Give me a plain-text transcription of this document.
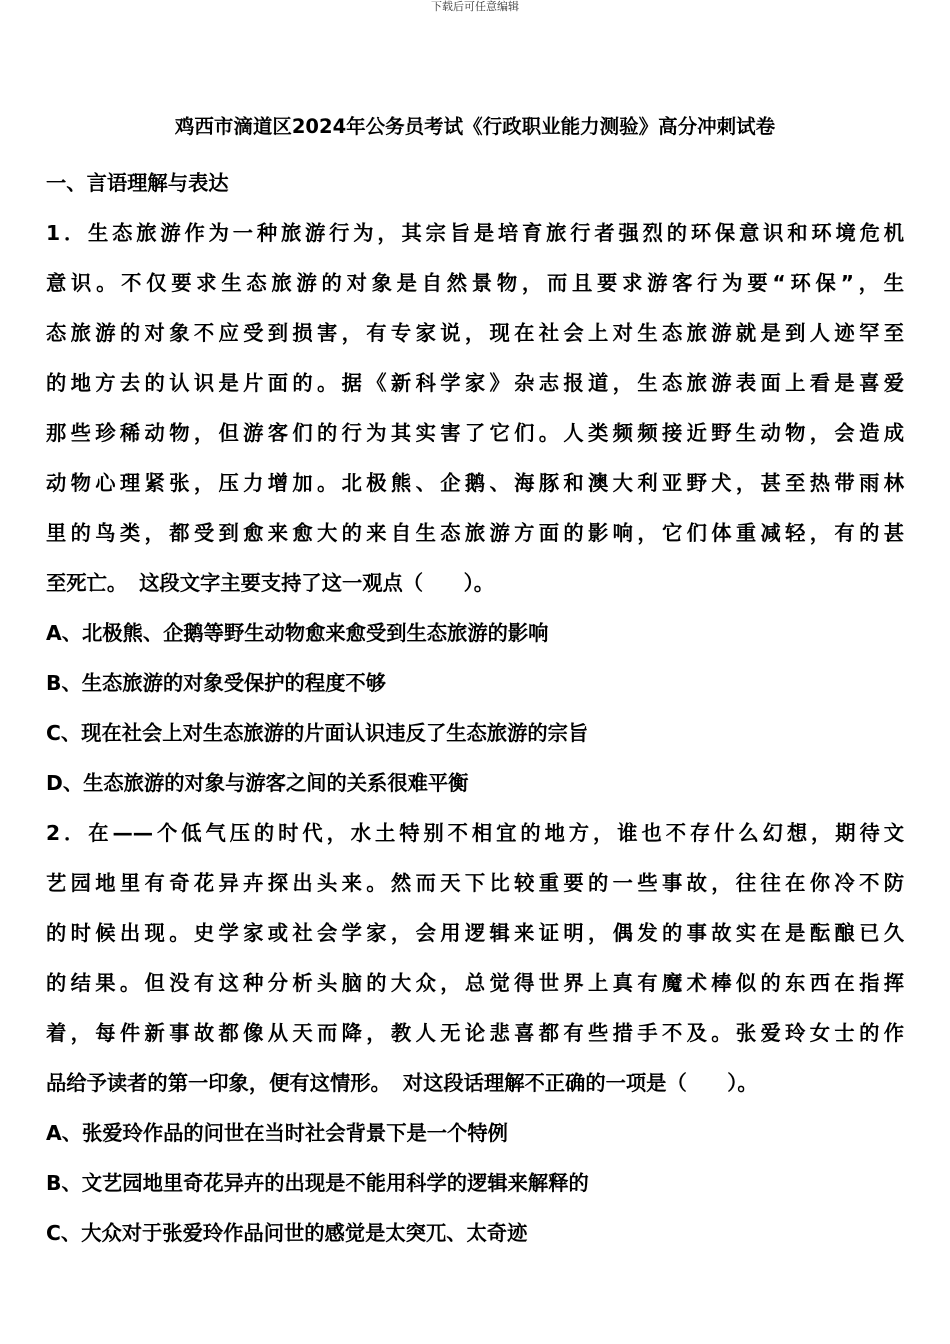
下载后可任意编辑
鸡西市滴道区2024年公务员考试《行政职业能力测验》高分冲刺试卷
一、言语理解与表达
1．生态旅游作为一种旅游行为，其宗旨是培育旅行者强烈的环保意识和环境危机
意识。不仅要求生态旅游的对象是自然景物，而且要求游客行为要“环保”，生
态旅游的对象不应受到损害，有专家说，现在社会上对生态旅游就是到人迹罕至
的地方去的认识是片面的。据《新科学家》杂志报道，生态旅游表面上看是喜爱
那些珍稀动物，但游客们的行为其实害了它们。人类频频接近野生动物，会造成
动物心理紧张，压力增加。北极熊、企鹅、海豚和澳大利亚野犬，甚至热带雨林
里的鸟类，都受到愈来愈大的来自生态旅游方面的影响，它们体重减轻，有的甚
至死亡。 这段文字主要支持了这一观点（　　）。
A、北极熊、企鹅等野生动物愈来愈受到生态旅游的影响
B、生态旅游的对象受保护的程度不够
C、现在社会上对生态旅游的片面认识违反了生态旅游的宗旨
D、生态旅游的对象与游客之间的关系很难平衡
2．在——个低气压的时代，水土特别不相宜的地方，谁也不存什么幻想，期待文
艺园地里有奇花异卉探出头来。然而天下比较重要的一些事故，往往在你冷不防
的时候出现。史学家或社会学家，会用逻辑来证明，偶发的事故实在是酝酿已久
的结果。但没有这种分析头脑的大众，总觉得世界上真有魔术棒似的东西在指挥
着，每件新事故都像从天而降，教人无论悲喜都有些措手不及。张爱玲女士的作
品给予读者的第一印象，便有这情形。 对这段话理解不正确的一项是（　　）。
A、张爱玲作品的问世在当时社会背景下是一个特例
B、文艺园地里奇花异卉的出现是不能用科学的逻辑来解释的
C、大众对于张爱玲作品问世的感觉是太突兀、太奇迹
